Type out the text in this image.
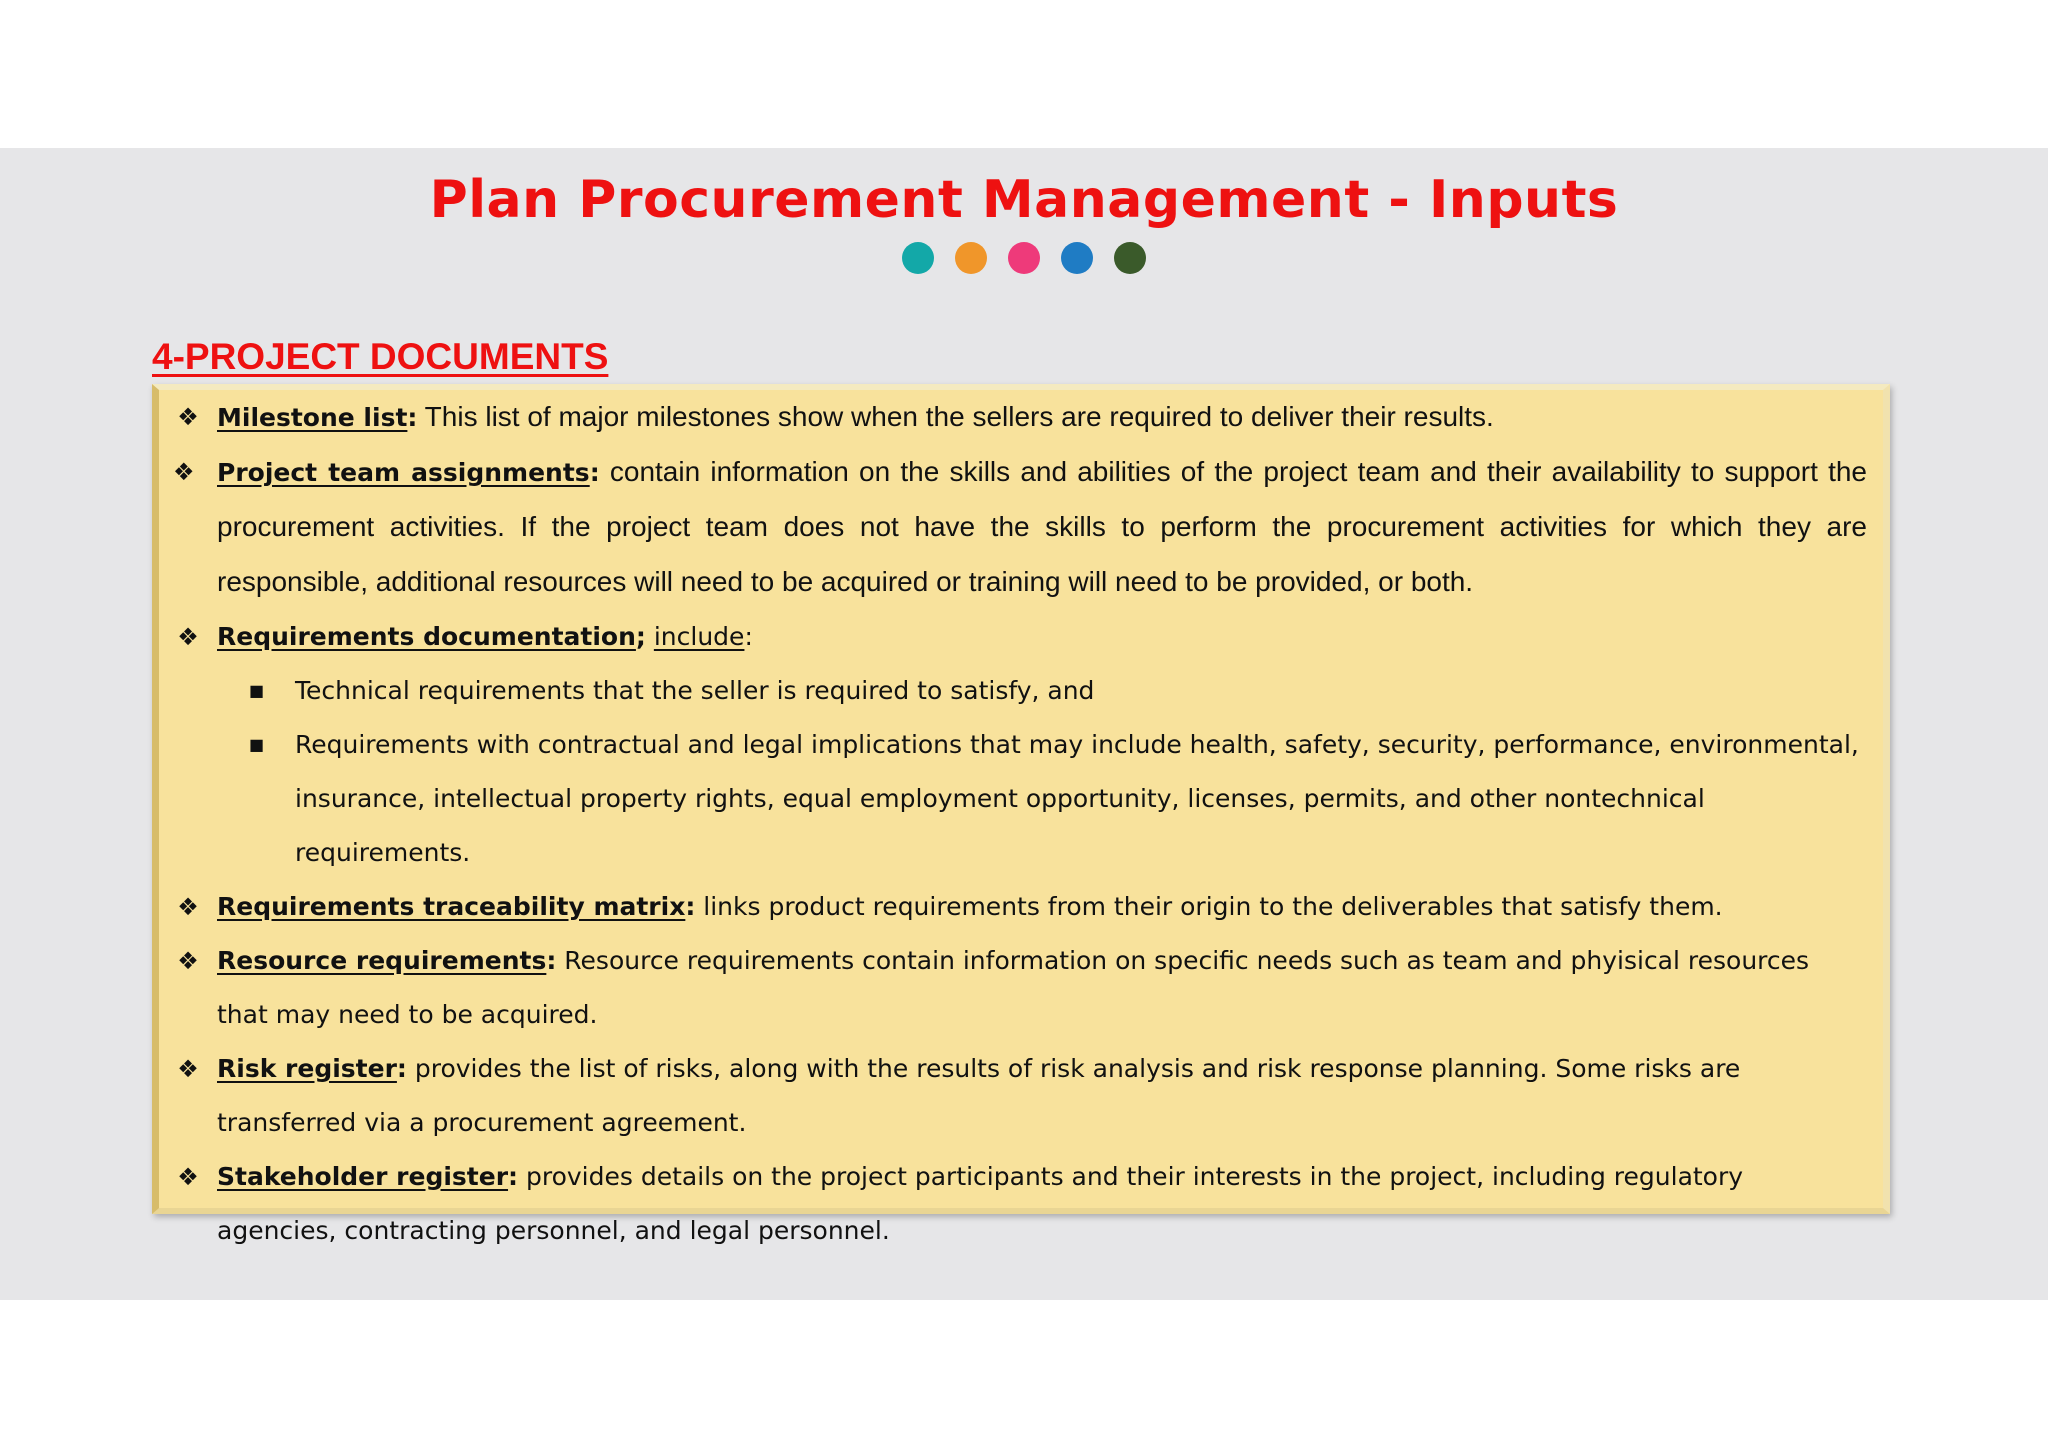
Plan Procurement Management - Inputs
4-PROJECT DOCUMENTS
❖ Milestone list: This list of major milestones show when the sellers are required to deliver their results.
❖ Project team assignments: contain information on the skills and abilities of the project team and their availability to support the procurement activities. If the project team does not have the skills to perform the procurement activities for which they are responsible, additional resources will need to be acquired or training will need to be provided, or both.
❖ Requirements documentation; include:
■ Technical requirements that the seller is required to satisfy, and
■ Requirements with contractual and legal implications that may include health, safety, security, performance, environmental, insurance, intellectual property rights, equal employment opportunity, licenses, permits, and other nontechnical requirements.
❖ Requirements traceability matrix: links product requirements from their origin to the deliverables that satisfy them.
❖ Resource requirements: Resource requirements contain information on specific needs such as team and phyisical resources that may need to be acquired.
❖ Risk register: provides the list of risks, along with the results of risk analysis and risk response planning. Some risks are transferred via a procurement agreement.
❖ Stakeholder register: provides details on the project participants and their interests in the project, including regulatory agencies, contracting personnel, and legal personnel.
